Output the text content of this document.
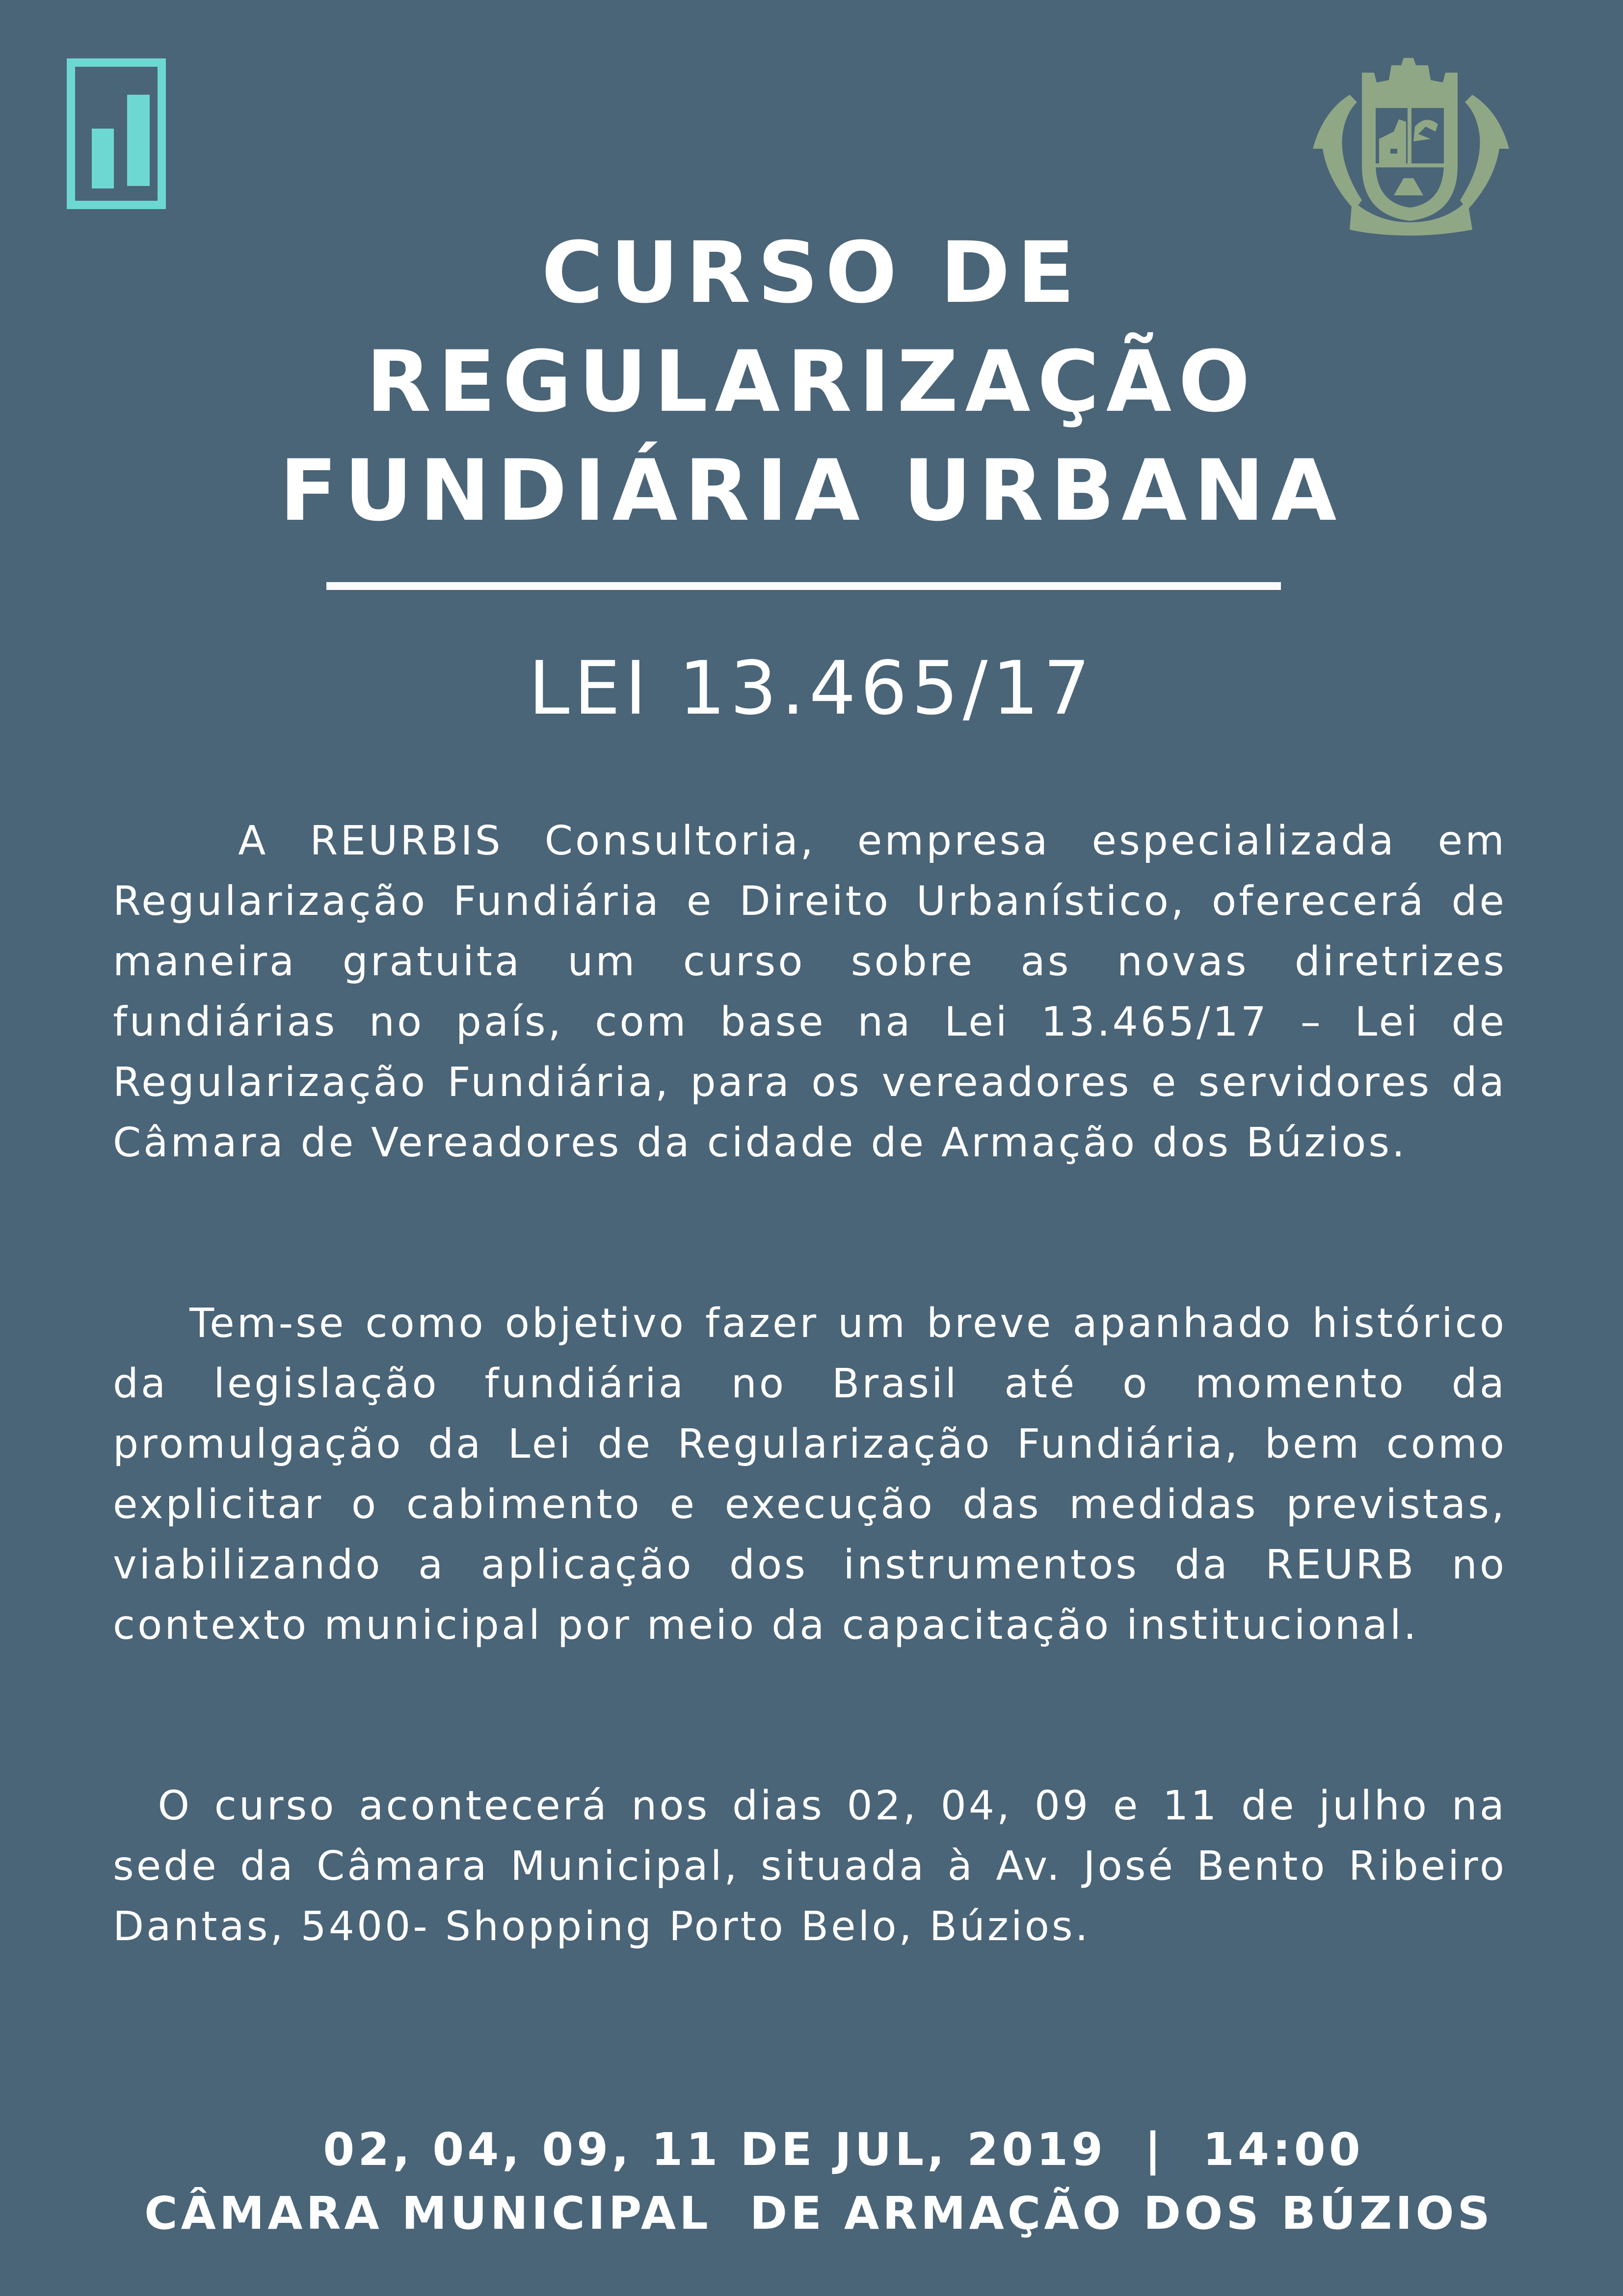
CURSO DE
REGULARIZAÇÃO
FUNDIÁRIA URBANA
LEI 13.465/17
A REURBIS Consultoria, empresa especializada em Regularização Fundiária e Direito Urbanístico, oferecerá de maneira gratuita um curso sobre as novas diretrizes fundiárias no país, com base na Lei 13.465/17 – Lei de Regularização Fundiária, para os vereadores e servidores da Câmara de Vereadores da cidade de Armação dos Búzios.
Tem-se como objetivo fazer um breve apanhado histórico da legislação fundiária no Brasil até o momento da promulgação da Lei de Regularização Fundiária, bem como explicitar o cabimento e execução das medidas previstas, viabilizando a aplicação dos instrumentos da REURB no contexto municipal por meio da capacitação institucional.
O curso acontecerá nos dias 02, 04, 09 e 11 de julho na sede da Câmara Municipal, situada à Av. José Bento Ribeiro Dantas, 5400- Shopping Porto Belo, Búzios.
02, 04, 09, 11 DE JUL, 2019  |  14:00
CÂMARA MUNICIPAL  DE ARMAÇÃO DOS BÚZIOS
